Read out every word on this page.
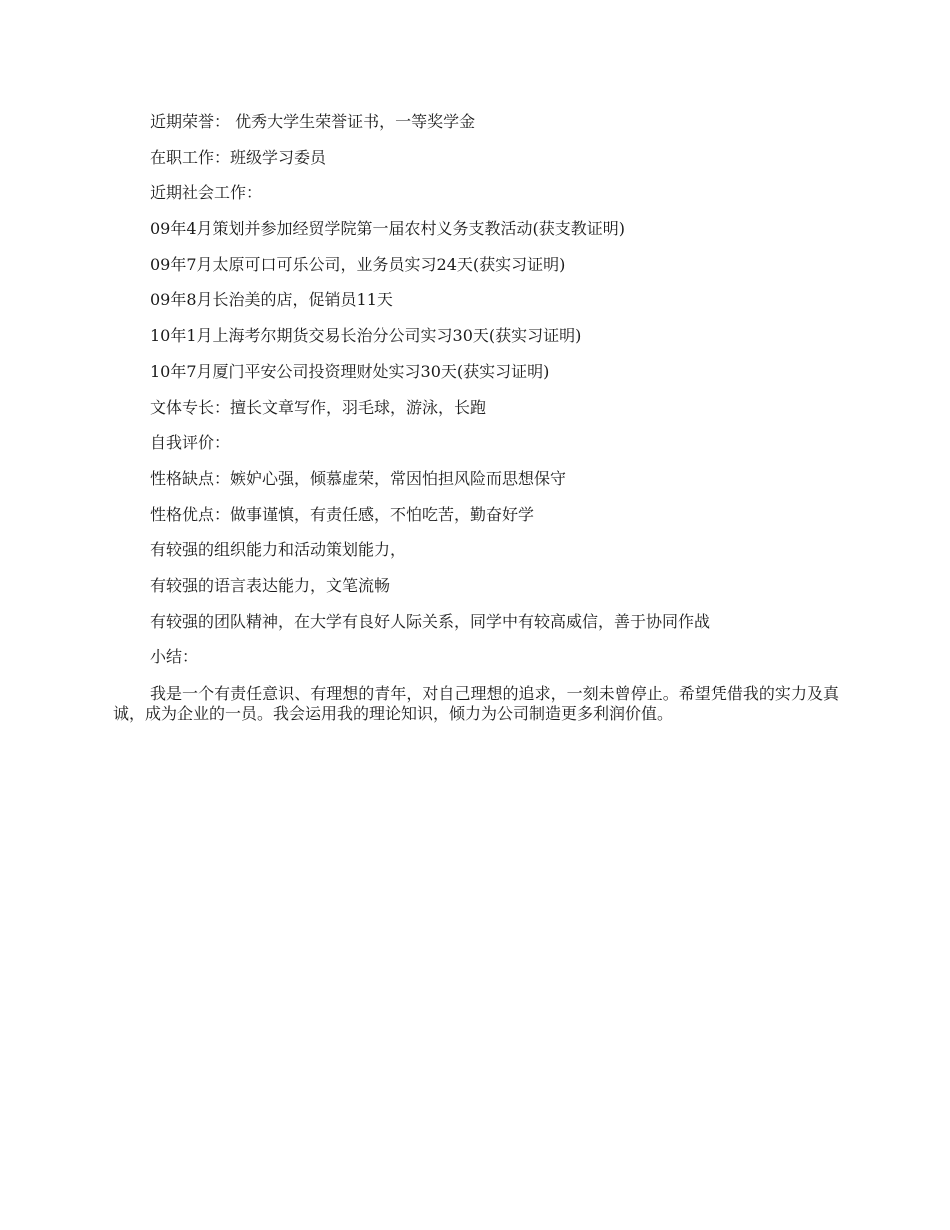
近期荣誉： 优秀大学生荣誉证书，一等奖学金
在职工作：班级学习委员
近期社会工作：
09年4月策划并参加经贸学院第一届农村义务支教活动(获支教证明)
09年7月太原可口可乐公司，业务员实习24天(获实习证明)
09年8月长治美的店，促销员11天
10年1月上海考尔期货交易长治分公司实习30天(获实习证明)
10年7月厦门平安公司投资理财处实习30天(获实习证明)
文体专长：擅长文章写作，羽毛球，游泳，长跑
自我评价：
性格缺点：嫉妒心强，倾慕虚荣，常因怕担风险而思想保守
性格优点：做事谨慎，有责任感，不怕吃苦，勤奋好学
有较强的组织能力和活动策划能力，
有较强的语言表达能力，文笔流畅
有较强的团队精神，在大学有良好人际关系，同学中有较高威信，善于协同作战
小结：

我是一个有责任意识、有理想的青年，对自己理想的追求，一刻未曾停止。希望凭借我的实力及真诚，成为企业的一员。我会运用我的理论知识，倾力为公司制造更多利润价值。
